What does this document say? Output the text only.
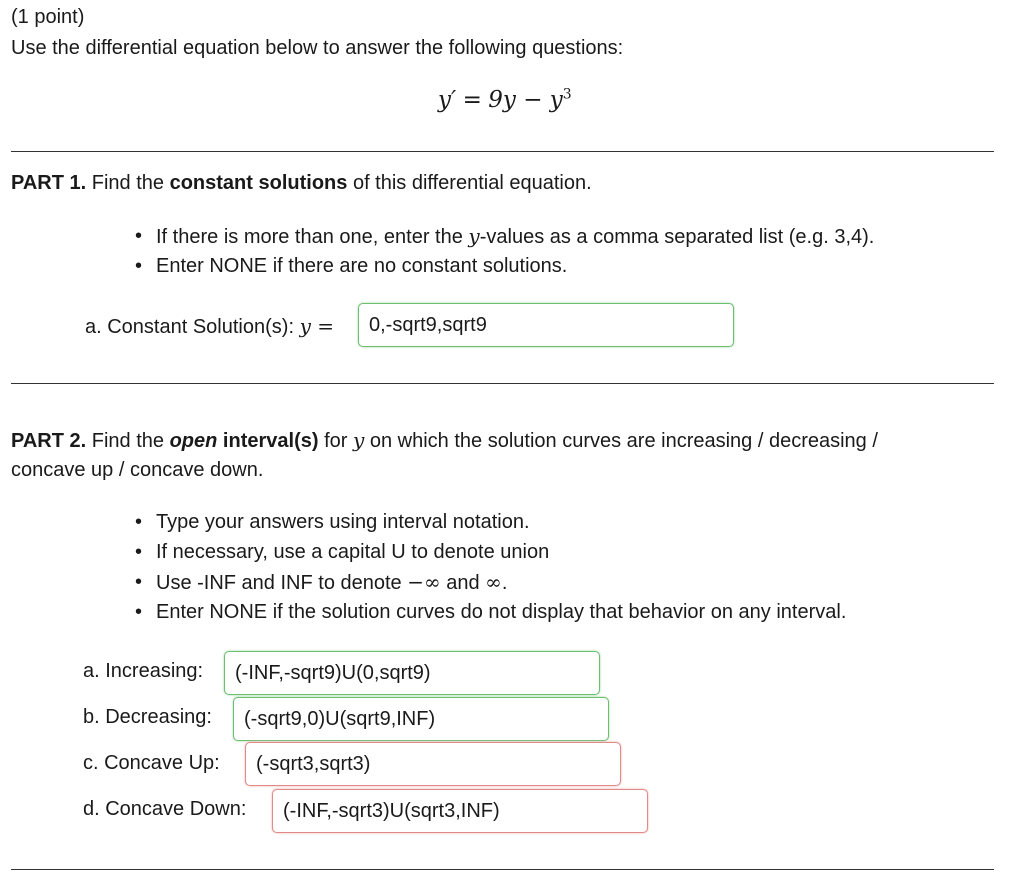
(1 point)
Use the differential equation below to answer the following questions:
$y' = 9y - y^3$
PART 1. Find the constant solutions of this differential equation.
• If there is more than one, enter the y-values as a comma separated list (e.g. 3,4).
• Enter NONE if there are no constant solutions.
a. Constant Solution(s): y =	0,-sqrt9,sqrt9
PART 2. Find the open interval(s) for y on which the solution curves are increasing / decreasing /
concave up / concave down.
• Type your answers using interval notation.
• If necessary, use a capital U to denote union
• Use -INF and INF to denote −∞ and ∞.
• Enter NONE if the solution curves do not display that behavior on any interval.
a. Increasing:	(-INF,-sqrt9)U(0,sqrt9)
b. Decreasing:	(-sqrt9,0)U(sqrt9,INF)
c. Concave Up:	(-sqrt3,sqrt3)
d. Concave Down:	(-INF,-sqrt3)U(sqrt3,INF)
